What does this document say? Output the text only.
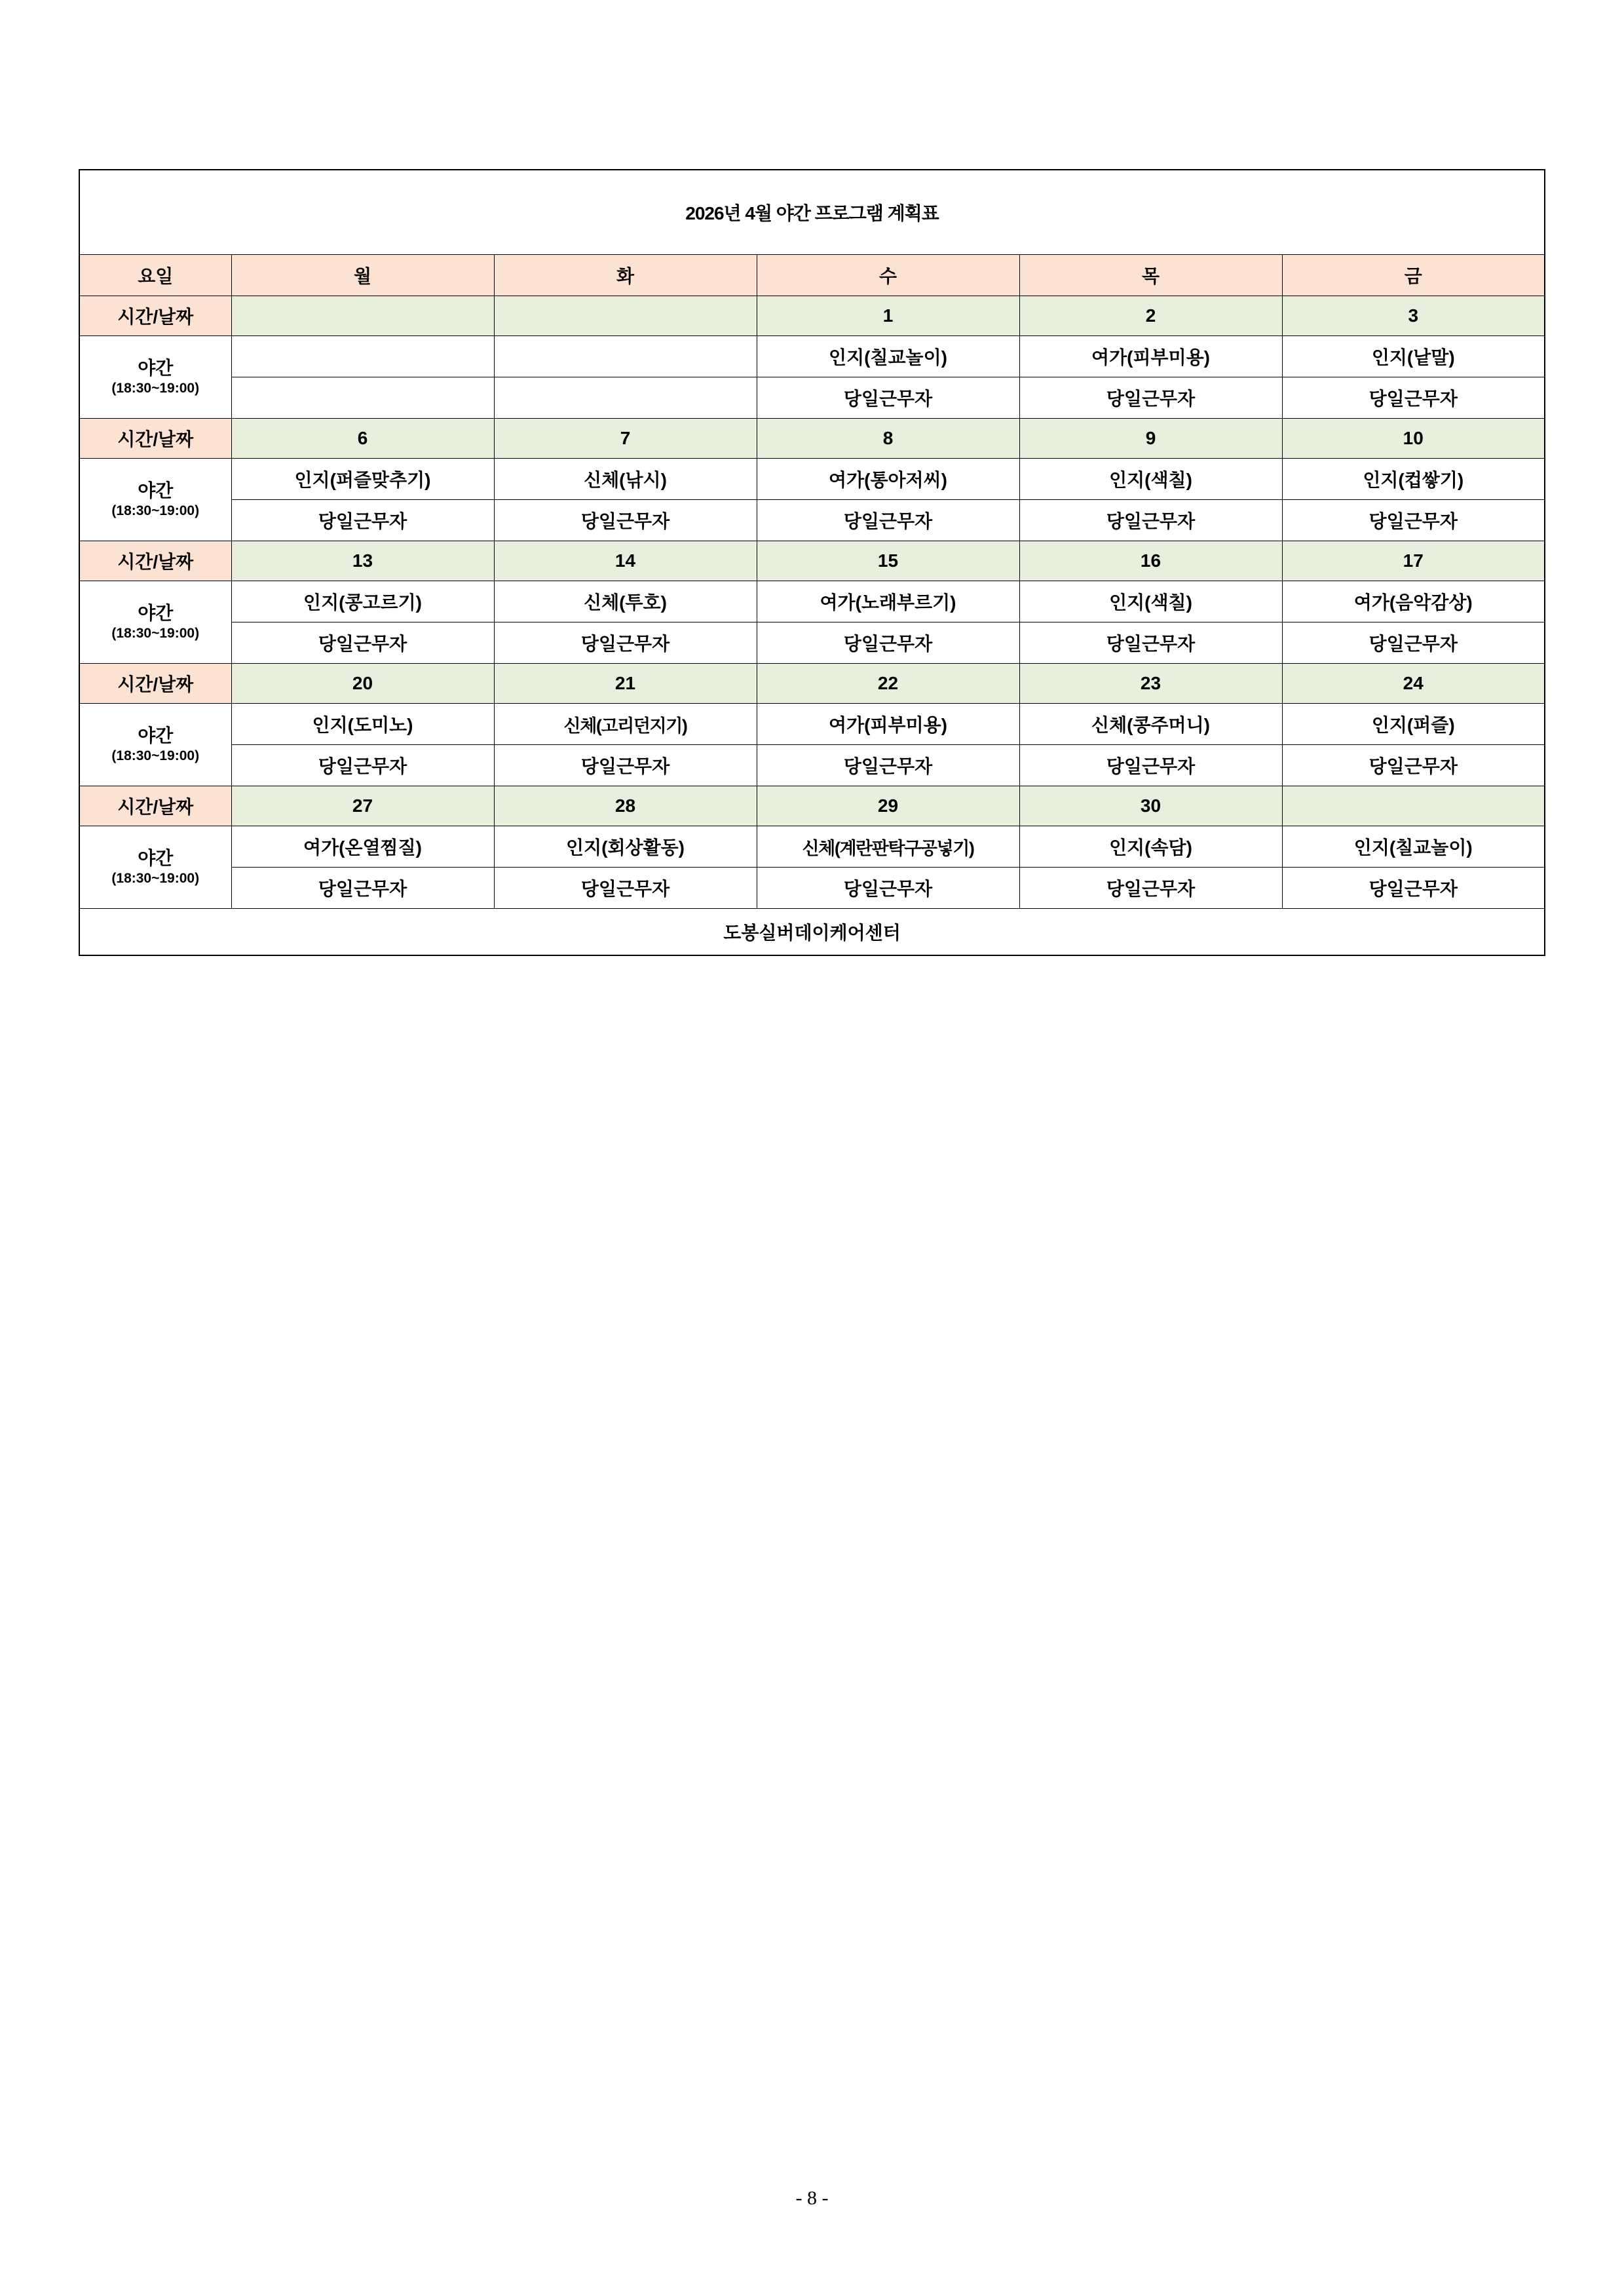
2026년 4월 야간 프로그램 계획표					
요일	월	화	수	목	금
시간/날짜			1	2	3
야간
(18:30~19:00)			인지(칠교놀이)	여가(피부미용)	인지(낱말)
			당일근무자	당일근무자	당일근무자
시간/날짜	6	7	8	9	10
야간
(18:30~19:00)	인지(퍼즐맞추기)	신체(낚시)	여가(통아저씨)	인지(색칠)	인지(컵쌓기)
	당일근무자	당일근무자	당일근무자	당일근무자	당일근무자
시간/날짜	13	14	15	16	17
야간
(18:30~19:00)	인지(콩고르기)	신체(투호)	여가(노래부르기)	인지(색칠)	여가(음악감상)
	당일근무자	당일근무자	당일근무자	당일근무자	당일근무자
시간/날짜	20	21	22	23	24
야간
(18:30~19:00)	인지(도미노)	신체(고리던지기)	여가(피부미용)	신체(콩주머니)	인지(퍼즐)
	당일근무자	당일근무자	당일근무자	당일근무자	당일근무자
시간/날짜	27	28	29	30	
야간
(18:30~19:00)	여가(온열찜질)	인지(회상활동)	신체(계란판탁구공넣기)	인지(속담)	인지(칠교놀이)
	당일근무자	당일근무자	당일근무자	당일근무자	당일근무자
도봉실버데이케어센터					
- 8 -
